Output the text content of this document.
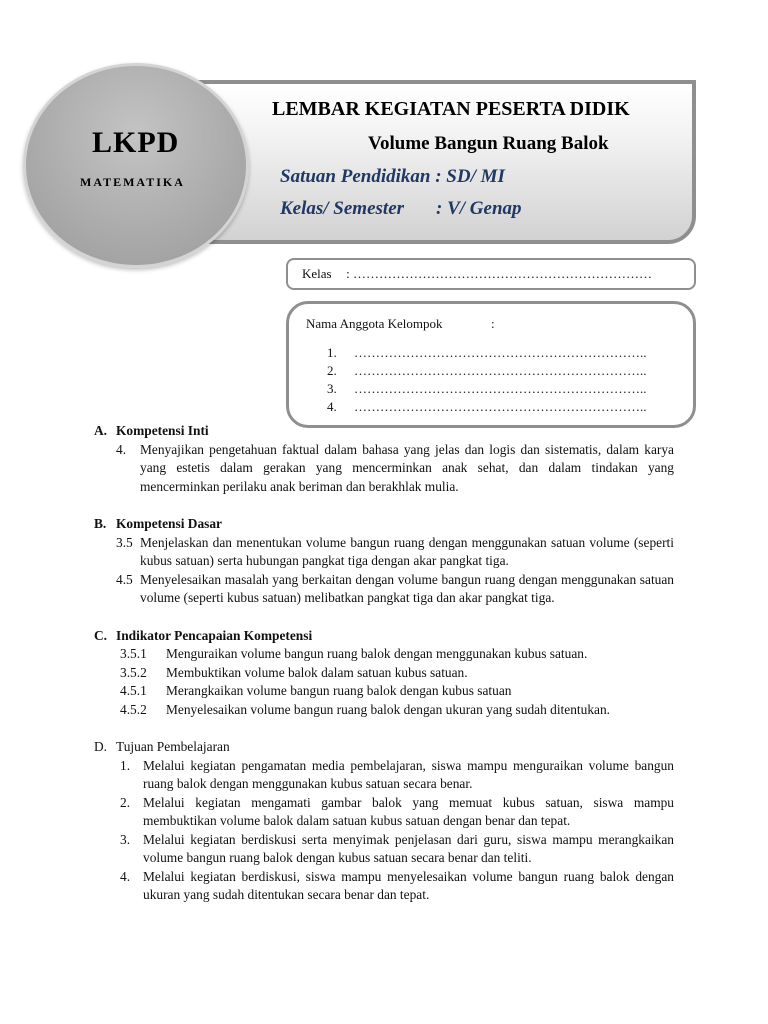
LKPD
MATEMATIKA
LEMBAR KEGIATAN PESERTA DIDIK
Volume Bangun Ruang Balok
Satuan Pendidikan : SD/ MI
Kelas/ Semester : V/ Genap
Kelas : ……………………………………………………………
Nama Anggota Kelompok	:
1. …………………………………………………………..
2. …………………………………………………………..
3. …………………………………………………………..
4. …………………………………………………………..
A. Kompetensi Inti
4.	Menyajikan pengetahuan faktual dalam bahasa yang jelas dan logis dan sistematis, dalam karya yang estetis dalam gerakan yang mencerminkan anak sehat, dan dalam tindakan yang mencerminkan perilaku anak beriman dan berakhlak mulia.
B. Kompetensi Dasar
3.5 Menjelaskan dan menentukan volume bangun ruang dengan menggunakan satuan volume (seperti kubus satuan) serta hubungan pangkat tiga dengan akar pangkat tiga.
4.5 Menyelesaikan masalah yang berkaitan dengan volume bangun ruang dengan menggunakan satuan volume (seperti kubus satuan) melibatkan pangkat tiga dan akar pangkat tiga.
C. Indikator Pencapaian Kompetensi
3.5.1	Menguraikan volume bangun ruang balok dengan menggunakan kubus satuan.
3.5.2	Membuktikan volume balok dalam satuan kubus satuan.
4.5.1	Merangkaikan volume bangun ruang balok dengan kubus satuan
4.5.2	Menyelesaikan volume bangun ruang balok dengan ukuran yang sudah ditentukan.
D. Tujuan Pembelajaran
1. Melalui kegiatan pengamatan media pembelajaran, siswa mampu menguraikan volume bangun ruang balok dengan menggunakan kubus satuan secara benar.
2. Melalui kegiatan mengamati gambar balok yang memuat kubus satuan, siswa mampu membuktikan volume balok dalam satuan kubus satuan dengan benar dan tepat.
3. Melalui kegiatan berdiskusi serta menyimak penjelasan dari guru, siswa mampu merangkaikan volume bangun ruang balok dengan kubus satuan secara benar dan teliti.
4. Melalui kegiatan berdiskusi, siswa mampu menyelesaikan volume bangun ruang balok dengan ukuran yang sudah ditentukan secara benar dan tepat.
